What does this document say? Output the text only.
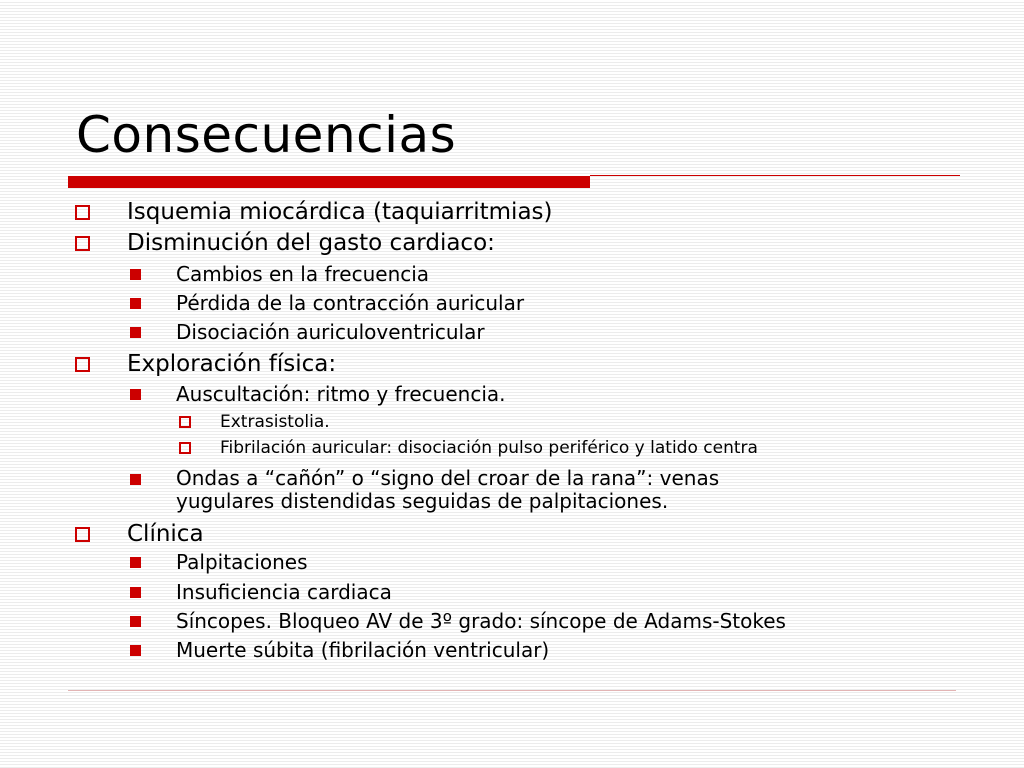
Consecuencias
Isquemia miocárdica (taquiarritmias)
Disminución del gasto cardiaco:
Cambios en la frecuencia
Pérdida de la contracción auricular
Disociación auriculoventricular
Exploración física:
Auscultación: ritmo y frecuencia.
Extrasistolia.
Fibrilación auricular: disociación pulso periférico y latido centra
Ondas a “cañón” o “signo del croar de la rana”: venas
yugulares distendidas seguidas de palpitaciones.
Clínica
Palpitaciones
Insuficiencia cardiaca
Síncopes. Bloqueo AV de 3º grado: síncope de Adams-Stokes
Muerte súbita (fibrilación ventricular)
